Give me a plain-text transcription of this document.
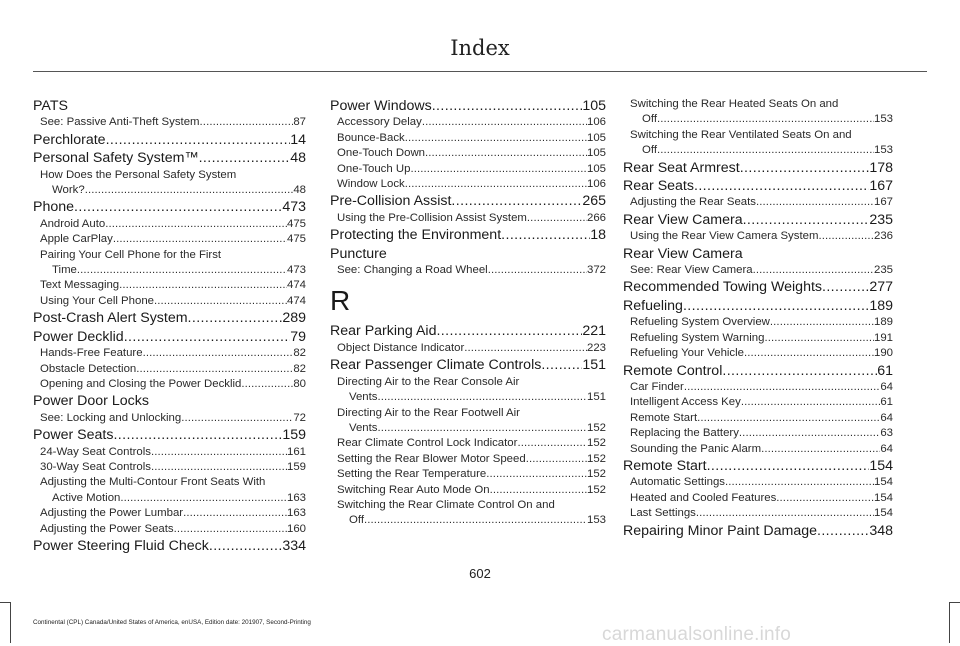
Index
PATS
See: Passive Anti-Theft System .....	87
Perchlorate .....	14
Personal Safety System™ .....	48
How Does the Personal Safety System
Work? .....	48
Phone .....	473
Android Auto .....	475
Apple CarPlay .....	475
Pairing Your Cell Phone for the First
Time .....	473
Text Messaging .....	474
Using Your Cell Phone .....	474
Post-Crash Alert System .....	289
Power Decklid .....	79
Hands-Free Feature .....	82
Obstacle Detection .....	82
Opening and Closing the Power Decklid .....	80
Power Door Locks
See: Locking and Unlocking .....	72
Power Seats .....	159
24-Way Seat Controls .....	161
30-Way Seat Controls .....	159
Adjusting the Multi-Contour Front Seats With
Active Motion .....	163
Adjusting the Power Lumbar .....	163
Adjusting the Power Seats .....	160
Power Steering Fluid Check .....	334
Power Windows .....	105
Accessory Delay .....	106
Bounce-Back .....	105
One-Touch Down .....	105
One-Touch Up .....	105
Window Lock .....	106
Pre-Collision Assist .....	265
Using the Pre-Collision Assist System .....	266
Protecting the Environment .....	18
Puncture
See: Changing a Road Wheel .....	372
R
Rear Parking Aid .....	221
Object Distance Indicator .....	223
Rear Passenger Climate Controls .....	151
Directing Air to the Rear Console Air
Vents .....	151
Directing Air to the Rear Footwell Air
Vents .....	152
Rear Climate Control Lock Indicator .....	152
Setting the Rear Blower Motor Speed .....	152
Setting the Rear Temperature .....	152
Switching Rear Auto Mode On .....	152
Switching the Rear Climate Control On and
Off .....	153
Switching the Rear Heated Seats On and
Off .....	153
Switching the Rear Ventilated Seats On and
Off .....	153
Rear Seat Armrest .....	178
Rear Seats .....	167
Adjusting the Rear Seats .....	167
Rear View Camera .....	235
Using the Rear View Camera System .....	236
Rear View Camera
See: Rear View Camera .....	235
Recommended Towing Weights .....	277
Refueling .....	189
Refueling System Overview .....	189
Refueling System Warning .....	191
Refueling Your Vehicle .....	190
Remote Control .....	61
Car Finder .....	64
Intelligent Access Key .....	61
Remote Start .....	64
Replacing the Battery .....	63
Sounding the Panic Alarm .....	64
Remote Start .....	154
Automatic Settings .....	154
Heated and Cooled Features .....	154
Last Settings .....	154
Repairing Minor Paint Damage .....	348
602
Continental (CPL) Canada/United States of America, enUSA, Edition date: 201907, Second-Printing
carmanualsonline.info
